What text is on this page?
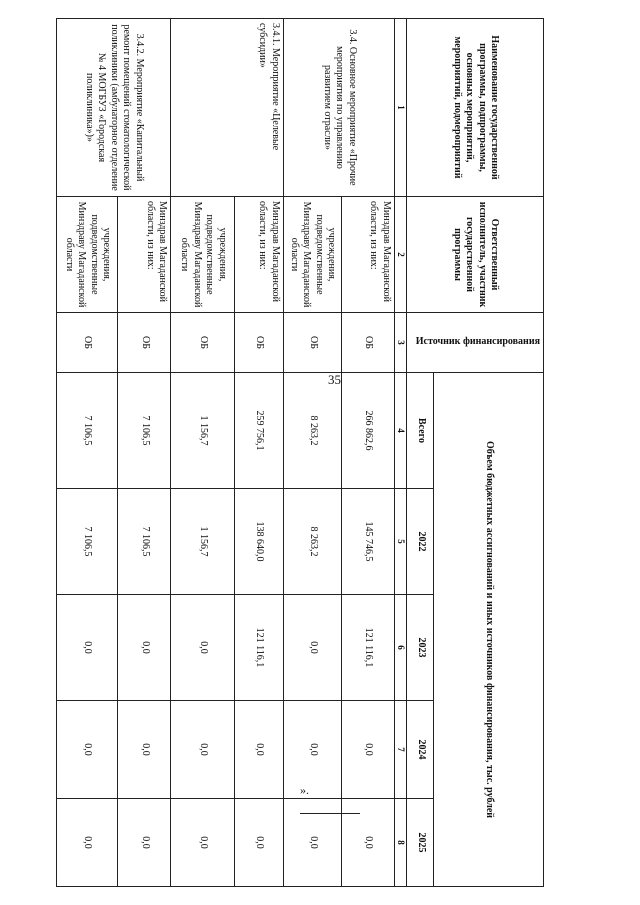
35
Наименование государственной программы, подпрограммы, основных мероприятий, мероприятий, подмероприятий	Ответственный исполнитель, участник государственной программы	Источник финансирования	Объем бюджетных ассигнований и иных источников финансирования, тыс. рублей				
			Всего	2022	2023	2024	2025
1	2	3	4	5	6	7	8
3.4. Основное мероприятие «Прочие мероприятия по управлению развитием отрасли»	Минздрав Магаданской области, из них:	ОБ	266 862,6	145 746,5	121 116,1	0,0	0,0
	учреждения, подведомственные Минздраву Магаданской области	ОБ	8 263,2	8 263,2	0,0	0,0	0,0
3.4.1. Мероприятие «Целевые субсидии»	Минздрав Магаданской области, из них:	ОБ	259 756,1	138 640,0	121 116,1	0,0	0,0
	учреждения, подведомственные Минздраву Магаданской области	ОБ	1 156,7	1 156,7	0,0	0,0	0,0
3.4.2. Мероприятие «Капитальный ремонт помещений стоматологической поликлиники (амбулаторное отделение № 4 МОГБУЗ «Городская поликлиника»)»	Минздрав Магаданской области, из них:	ОБ	7 106,5	7 106,5	0,0	0,0	0,0
	учреждения, подведомственные Минздраву Магаданской области	ОБ	7 106,5	7 106,5	0,0	0,0	0,0
».
